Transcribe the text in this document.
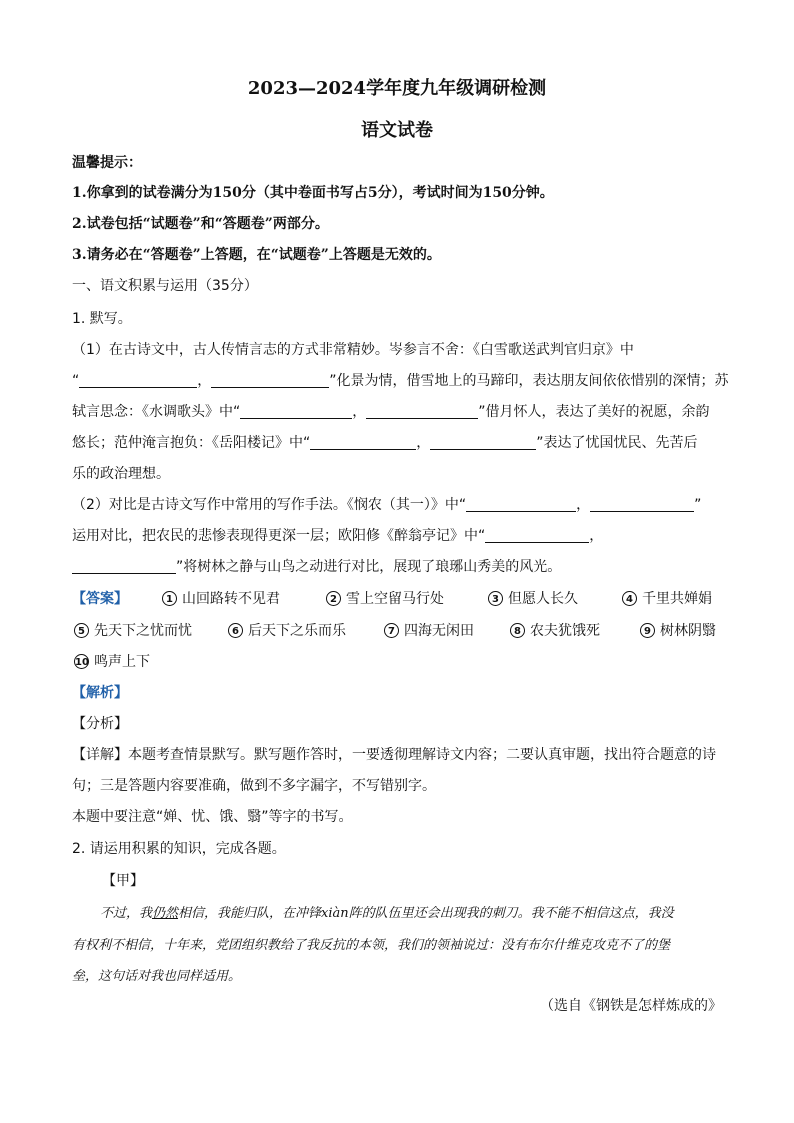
2023—2024学年度九年级调研检测
语文试卷
温馨提示：
1.你拿到的试卷满分为150分（其中卷面书写占5分），考试时间为150分钟。
2.试卷包括“试题卷”和“答题卷”两部分。
3.请务必在“答题卷”上答题，在“试题卷”上答题是无效的。
一、语文积累与运用（35分）
1. 默写。
（1）在古诗文中，古人传情言志的方式非常精妙。岑参言不舍：《白雪歌送武判官归京》中
“	，	”化景为情，借雪地上的马蹄印，表达朋友间依依惜别的深情；苏
轼言思念：《水调歌头》中“	，	”借月怀人，表达了美好的祝愿，余韵
悠长；范仲淹言抱负：《岳阳楼记》中“	，	”表达了忧国忧民、先苦后
乐的政治理想。
（2）对比是古诗文写作中常用的写作手法。《悯农（其一）》中“	，	”
运用对比，把农民的悲惨表现得更深一层；欧阳修《醉翁亭记》中“	，
”将树林之静与山鸟之动进行对比，展现了琅琊山秀美的风光。
【答案】	1 山回路转不见君	2 雪上空留马行处	3 但愿人长久	4 千里共婵娟
5 先天下之忧而忧	6 后天下之乐而乐	7 四海无闲田	8 农夫犹饿死	9 树林阴翳
10 鸣声上下
【解析】
【分析】
【详解】本题考查情景默写。默写题作答时，一要透彻理解诗文内容；二要认真审题，找出符合题意的诗
句；三是答题内容要准确，做到不多字漏字，不写错别字。
本题中要注意“婵、忧、饿、翳”等字的书写。
2. 请运用积累的知识，完成各题。
【甲】
不过，我仍然相信，我能归队，在冲锋xiàn阵的队伍里还会出现我的刺刀。我不能不相信这点，我没
有权利不相信，十年来，党团组织教给了我反抗的本领，我们的领袖说过：没有布尔什维克攻克不了的堡
垒，这句话对我也同样适用。
（选自《钢铁是怎样炼成的》
